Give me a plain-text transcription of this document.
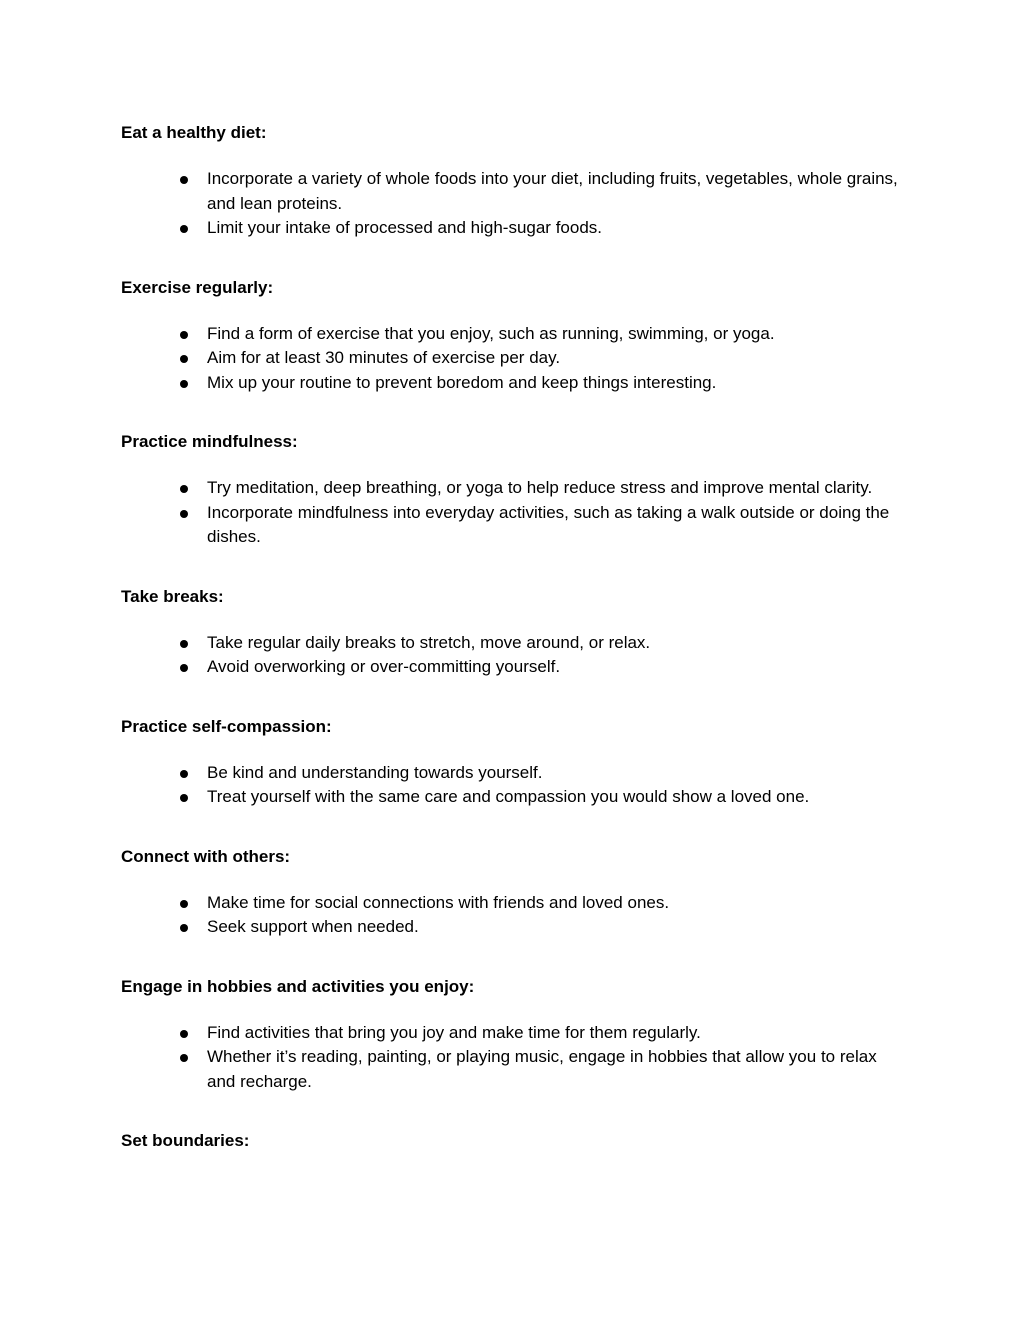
Eat a healthy diet:
Incorporate a variety of whole foods into your diet, including fruits, vegetables, whole grains, and lean proteins.
Limit your intake of processed and high-sugar foods.
Exercise regularly:
Find a form of exercise that you enjoy, such as running, swimming, or yoga.
Aim for at least 30 minutes of exercise per day.
Mix up your routine to prevent boredom and keep things interesting.
Practice mindfulness:
Try meditation, deep breathing, or yoga to help reduce stress and improve mental clarity.
Incorporate mindfulness into everyday activities, such as taking a walk outside or doing the dishes.
Take breaks:
Take regular daily breaks to stretch, move around, or relax.
Avoid overworking or over-committing yourself.
Practice self-compassion:
Be kind and understanding towards yourself.
Treat yourself with the same care and compassion you would show a loved one.
Connect with others:
Make time for social connections with friends and loved ones.
Seek support when needed.
Engage in hobbies and activities you enjoy:
Find activities that bring you joy and make time for them regularly.
Whether it’s reading, painting, or playing music, engage in hobbies that allow you to relax and recharge.
Set boundaries:
